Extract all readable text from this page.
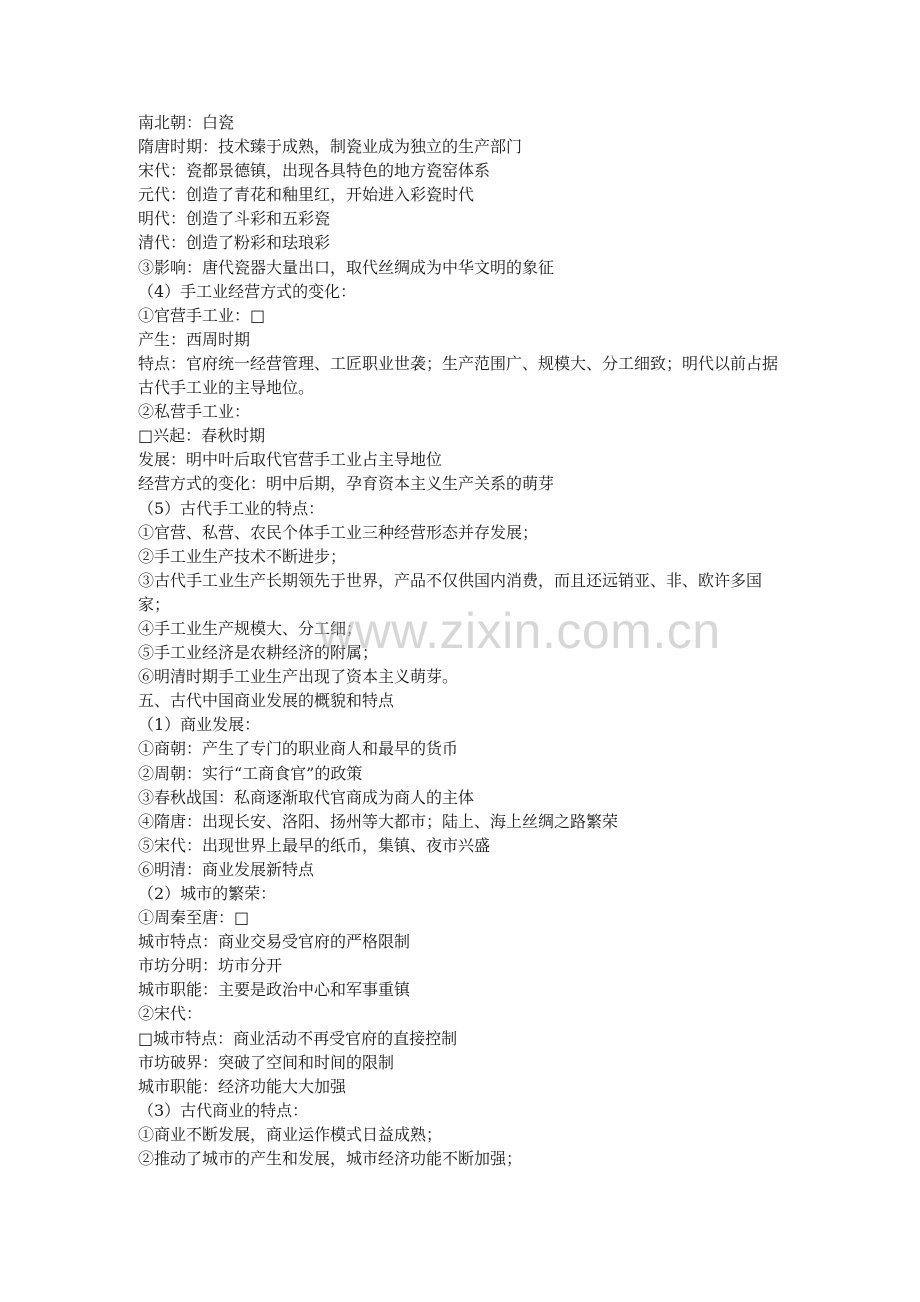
南北朝：白瓷
隋唐时期：技术臻于成熟，制瓷业成为独立的生产部门
宋代：瓷都景德镇，出现各具特色的地方瓷窑体系
元代：创造了青花和釉里红，开始进入彩瓷时代
明代：创造了斗彩和五彩瓷
清代：创造了粉彩和珐琅彩
③影响：唐代瓷器大量出口，取代丝绸成为中华文明的象征
（4）手工业经营方式的变化：
①官营手工业：□
产生：西周时期
特点：官府统一经营管理、工匠职业世袭；生产范围广、规模大、分工细致；明代以前占据古代手工业的主导地位。
②私营手工业：
□兴起：春秋时期
发展：明中叶后取代官营手工业占主导地位
经营方式的变化：明中后期，孕育资本主义生产关系的萌芽
（5）古代手工业的特点：
①官营、私营、农民个体手工业三种经营形态并存发展；
②手工业生产技术不断进步；
③古代手工业生产长期领先于世界，产品不仅供国内消费，而且还远销亚、非、欧许多国家；
④手工业生产规模大、分工细；
⑤手工业经济是农耕经济的附属；
⑥明清时期手工业生产出现了资本主义萌芽。
五、古代中国商业发展的概貌和特点
（1）商业发展：
①商朝：产生了专门的职业商人和最早的货币
②周朝：实行“工商食官”的政策
③春秋战国：私商逐渐取代官商成为商人的主体
④隋唐：出现长安、洛阳、扬州等大都市；陆上、海上丝绸之路繁荣
⑤宋代：出现世界上最早的纸币，集镇、夜市兴盛
⑥明清：商业发展新特点
（2）城市的繁荣：
①周秦至唐：□
城市特点：商业交易受官府的严格限制
市坊分明：坊市分开
城市职能：主要是政治中心和军事重镇
②宋代：
□城市特点：商业活动不再受官府的直接控制
市坊破界：突破了空间和时间的限制
城市职能：经济功能大大加强
（3）古代商业的特点：
①商业不断发展，商业运作模式日益成熟；
②推动了城市的产生和发展，城市经济功能不断加强；
www.zixin.com.cn
